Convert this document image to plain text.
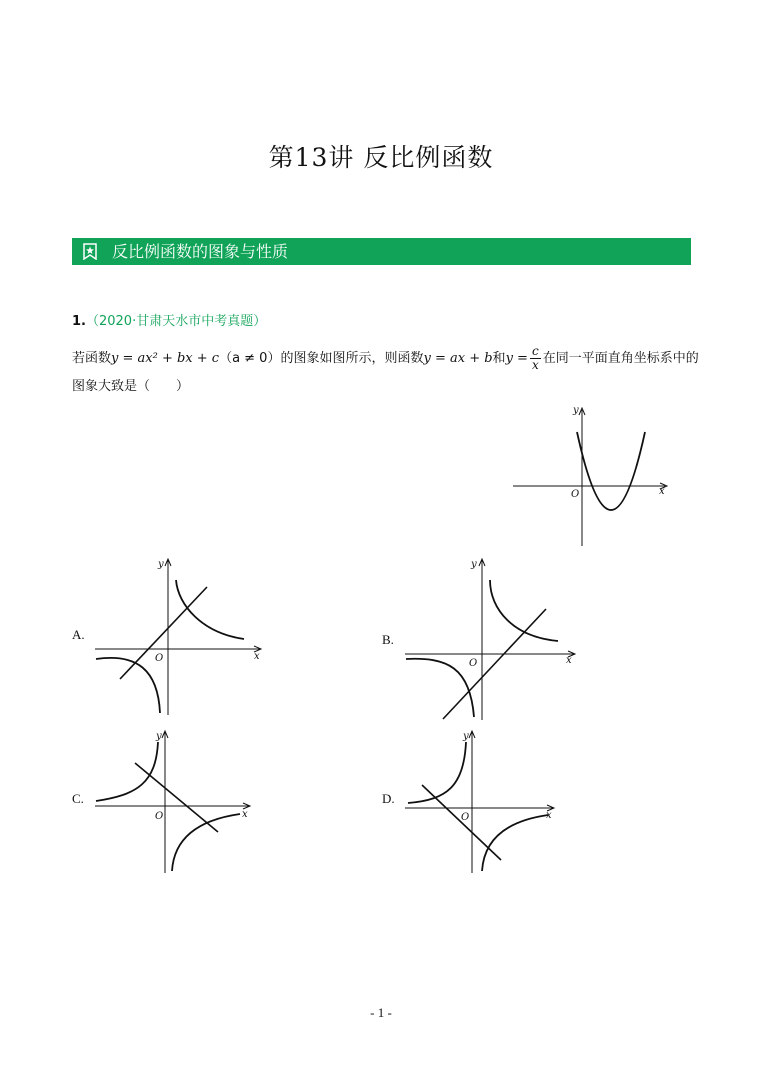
第13讲 反比例函数
反比例函数的图象与性质
1.（2020·甘肃天水市中考真题）
若函数y = ax² + bx + c（a ≠ 0）的图象如图所示，则函数y = ax + b和$y = \frac{c}{x}$ 在同一平面直角坐标系中的
图象大致是（　　）
y
x
O
A.
y
x
O
B.
y
x
O
C.
y
x
O
D.
y
x
O
- 1 -
